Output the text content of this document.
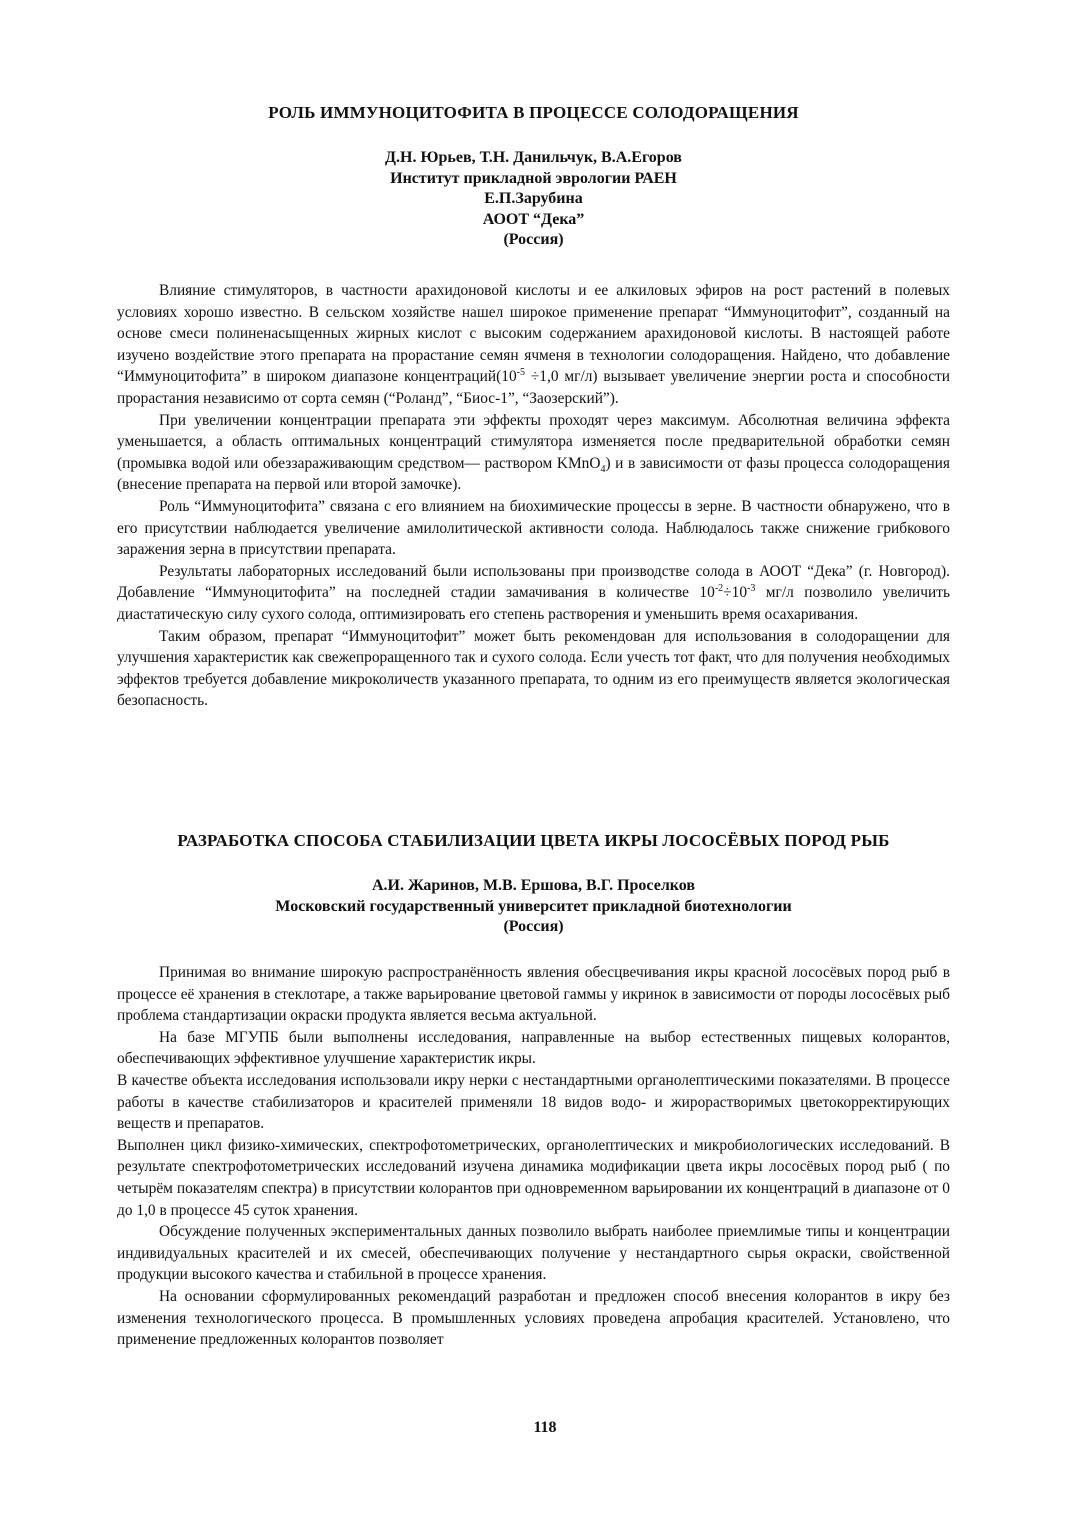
РОЛЬ ИММУНОЦИТОФИТА В ПРОЦЕССЕ СОЛОДОРАЩЕНИЯ
Д.Н. Юрьев, Т.Н. Данильчук, В.А.Егоров
Институт прикладной эврологии РАЕН
Е.П.Зарубина
АООТ “Дека”
(Россия)

Влияние стимуляторов, в частности арахидоновой кислоты и ее алкиловых эфиров на рост растений в полевых условиях хорошо известно. В сельском хозяйстве нашел широкое применение препарат “Иммуноцитофит”, созданный на основе смеси полиненасыщенных жирных кислот с высоким содержанием арахидоновой кислоты. В настоящей работе изучено воздействие этого препарата на прорастание семян ячменя в технологии солодоращения. Найдено, что добавление “Иммуноцитофита” в широком диапазоне $концентраций(10^{-5} \div 1,0$ мг/л) вызывает увеличение энергии роста и способности прорастания независимо от сорта семян (“Роланд”, “Биос-1”, “Заозерский”).

При увеличении концентрации препарата эти эффекты проходят через максимум. Абсолютная величина эффекта уменьшается, а область оптимальных концентраций стимулятора изменяется после предварительной обработки семян (промывка водой или обеззараживающим средством— раствором KMnO$_4$) и в зависимости от фазы процесса солодоращения (внесение препарата на первой или второй замочке).

Роль “Иммуноцитофита” связана с его влиянием на биохимические процессы в зерне. В частности обнаружено, что в его присутствии наблюдается увеличение амилолитической активности солода. Наблюдалось также снижение грибкового заражения зерна в присутствии препарата.

Результаты лабораторных исследований были использованы при производстве солода в АООТ “Дека” (г. Новгород). Добавление “Иммуноцитофита” на последней стадии замачивания в количестве $10^{-2}\div 10^{-3}$ мг/л позволило увеличить диастатическую силу сухого солода, оптимизировать его степень растворения и уменьшить время осахаривания.

Таким образом, препарат “Иммуноцитофит” может быть рекомендован для использования в солодоращении для улучшения характеристик как свежепроращенного так и сухого солода. Если учесть тот факт, что для получения необходимых эффектов требуется добавление микроколичеств указанного препарата, то одним из его преимуществ является экологическая безопасность.

РАЗРАБОТКА СПОСОБА СТАБИЛИЗАЦИИ ЦВЕТА ИКРЫ ЛОСОСЁВЫХ ПОРОД РЫБ
А.И. Жаринов, М.В. Ершова, В.Г. Проселков
Московский государственный университет прикладной биотехнологии
(Россия)

Принимая во внимание широкую распространённость явления обесцвечивания икры красной лососёвых пород рыб в процессе её хранения в стеклотаре, а также варьирование цветовой гаммы у икринок в зависимости от породы лососёвых рыб проблема стандартизации окраски продукта является весьма актуальной.

На базе МГУПБ были выполнены исследования, направленные на выбор естественных пищевых колорантов, обеспечивающих эффективное улучшение характеристик икры.

В качестве объекта исследования использовали икру нерки с нестандартными органолептическими показателями. В процессе работы в качестве стабилизаторов и красителей применяли 18 видов водо- и жирорастворимых цветокорректирующих веществ и препаратов.

Выполнен цикл физико-химических, спектрофотометрических, органолептических и микробиологических исследований. В результате спектрофотометрических исследований изучена динамика модификации цвета икры лососёвых пород рыб ( по четырём показателям спектра) в присутствии колорантов при одновременном варьировании их концентраций в диапазоне от 0 до 1,0 в процессе 45 суток хранения.

Обсуждение полученных экспериментальных данных позволило выбрать наиболее приемлимые типы и концентрации индивидуальных красителей и их смесей, обеспечивающих получение у нестандартного сырья окраски, свойственной продукции высокого качества и стабильной в процессе хранения.

На основании сформулированных рекомендаций разработан и предложен способ внесения колорантов в икру без изменения технологического процесса. В промышленных условиях проведена апробация красителей. Установлено, что применение предложенных колорантов позволяет

118
